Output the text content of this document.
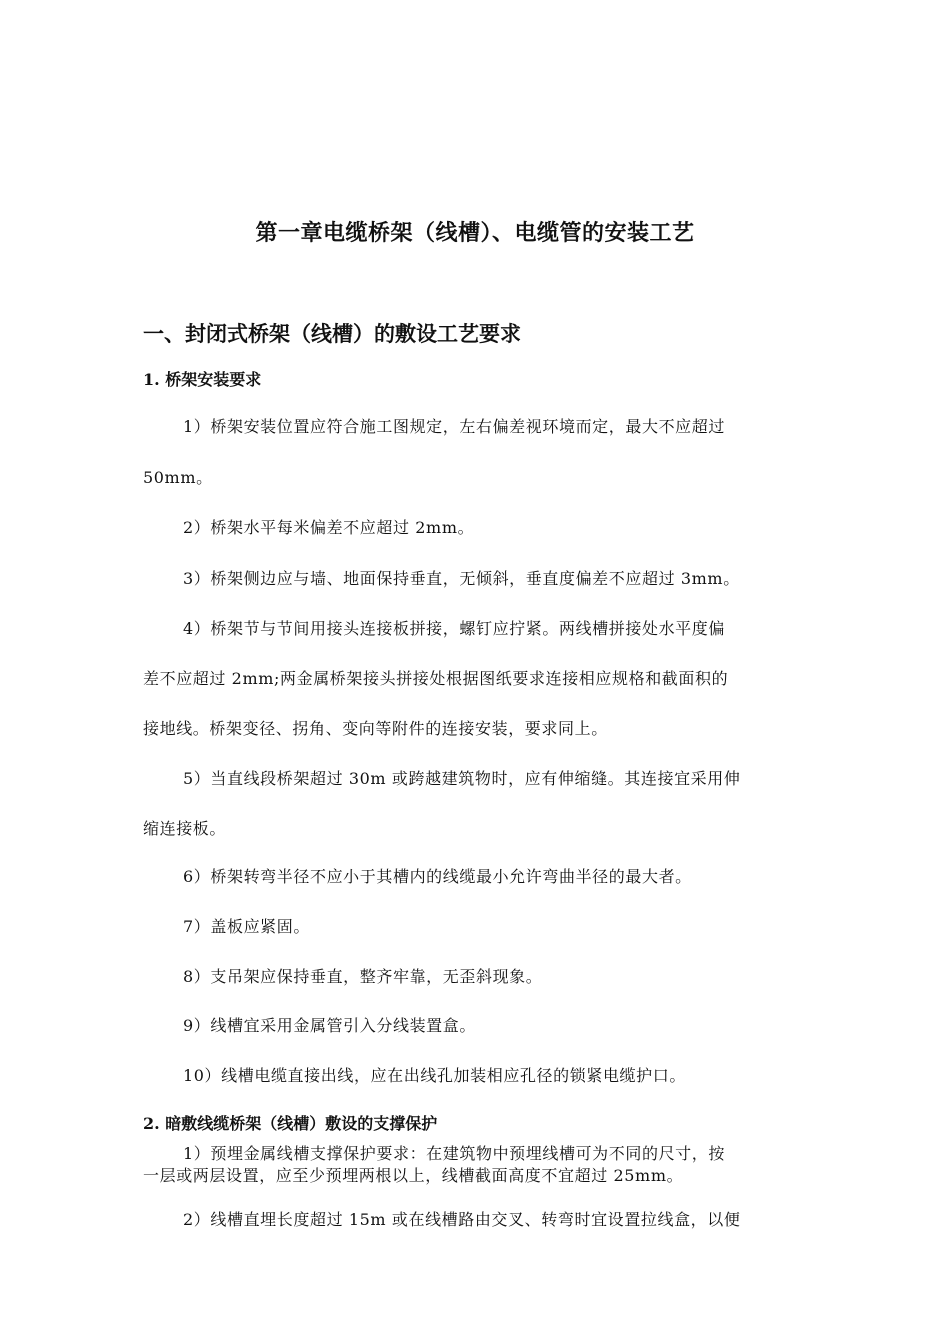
第一章电缆桥架（线槽）、电缆管的安装工艺
一、封闭式桥架（线槽）的敷设工艺要求
1. 桥架安装要求

1）桥架安装位置应符合施工图规定，左右偏差视环境而定，最大不应超过

50mm。

2）桥架水平每米偏差不应超过 2mm。

3）桥架侧边应与墙、地面保持垂直，无倾斜，垂直度偏差不应超过 3mm。

4）桥架节与节间用接头连接板拼接，螺钉应拧紧。两线槽拼接处水平度偏

差不应超过 2mm;两金属桥架接头拼接处根据图纸要求连接相应规格和截面积的

接地线。桥架变径、拐角、变向等附件的连接安装，要求同上。

5）当直线段桥架超过 30m 或跨越建筑物时，应有伸缩缝。其连接宜采用伸

缩连接板。

6）桥架转弯半径不应小于其槽内的线缆最小允许弯曲半径的最大者。

7）盖板应紧固。

8）支吊架应保持垂直，整齐牢靠，无歪斜现象。

9）线槽宜采用金属管引入分线装置盒。

10）线槽电缆直接出线，应在出线孔加装相应孔径的锁紧电缆护口。

2. 暗敷线缆桥架（线槽）敷设的支撑保护

1）预埋金属线槽支撑保护要求：在建筑物中预埋线槽可为不同的尺寸，按

一层或两层设置，应至少预埋两根以上，线槽截面高度不宜超过 25mm。

2）线槽直埋长度超过 15m 或在线槽路由交叉、转弯时宜设置拉线盒，以便
